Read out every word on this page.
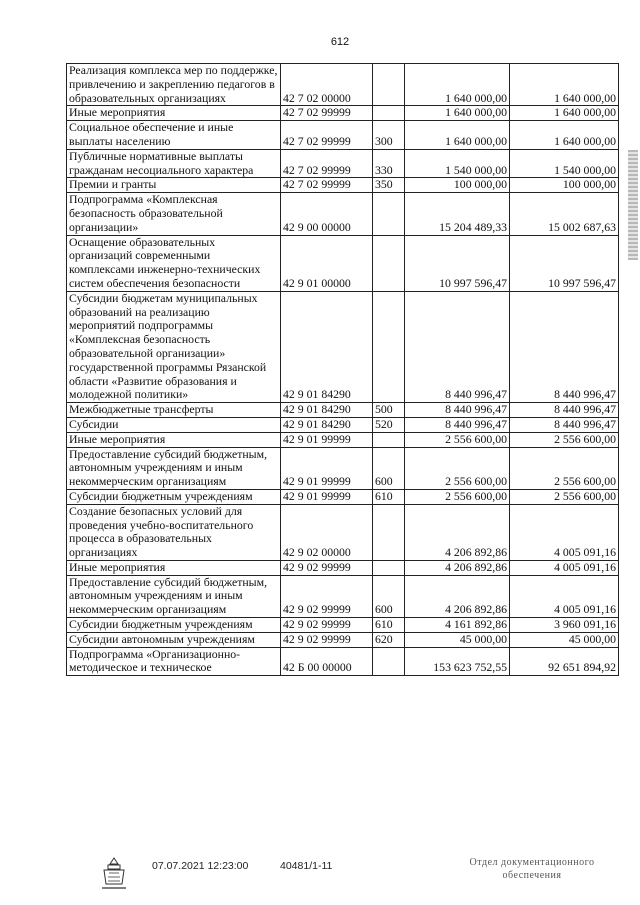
612
Реализация комплекса мер по поддержке, привлечению и закреплению педагогов в образовательных организациях	42 7 02 00000		1 640 000,00	1 640 000,00
Иные мероприятия	42 7 02 99999		1 640 000,00	1 640 000,00
Социальное обеспечение и иные выплаты населению	42 7 02 99999	300	1 640 000,00	1 640 000,00
Публичные нормативные выплаты гражданам несоциального характера	42 7 02 99999	330	1 540 000,00	1 540 000,00
Премии и гранты	42 7 02 99999	350	100 000,00	100 000,00
Подпрограмма «Комплексная безопасность образовательной организации»	42 9 00 00000		15 204 489,33	15 002 687,63
Оснащение образовательных организаций современными комплексами инженерно-технических систем обеспечения безопасности	42 9 01 00000		10 997 596,47	10 997 596,47
Субсидии бюджетам муниципальных образований на реализацию мероприятий подпрограммы «Комплексная безопасность образовательной организации» государственной программы Рязанской области «Развитие образования и молодежной политики»	42 9 01 84290		8 440 996,47	8 440 996,47
Межбюджетные трансферты	42 9 01 84290	500	8 440 996,47	8 440 996,47
Субсидии	42 9 01 84290	520	8 440 996,47	8 440 996,47
Иные мероприятия	42 9 01 99999		2 556 600,00	2 556 600,00
Предоставление субсидий бюджетным, автономным учреждениям и иным некоммерческим организациям	42 9 01 99999	600	2 556 600,00	2 556 600,00
Субсидии бюджетным учреждениям	42 9 01 99999	610	2 556 600,00	2 556 600,00
Создание безопасных условий для проведения учебно-воспитательного процесса в образовательных организациях	42 9 02 00000		4 206 892,86	4 005 091,16
Иные мероприятия	42 9 02 99999		4 206 892,86	4 005 091,16
Предоставление субсидий бюджетным, автономным учреждениям и иным некоммерческим организациям	42 9 02 99999	600	4 206 892,86	4 005 091,16
Субсидии бюджетным учреждениям	42 9 02 99999	610	4 161 892,86	3 960 091,16
Субсидии автономным учреждениям	42 9 02 99999	620	45 000,00	45 000,00
Подпрограмма «Организационно-методическое и техническое	42 Б 00 00000		153 623 752,55	92 651 894,92
07.07.2021 12:23:00	40481/1-11	Отдел документационного
обеспечения
